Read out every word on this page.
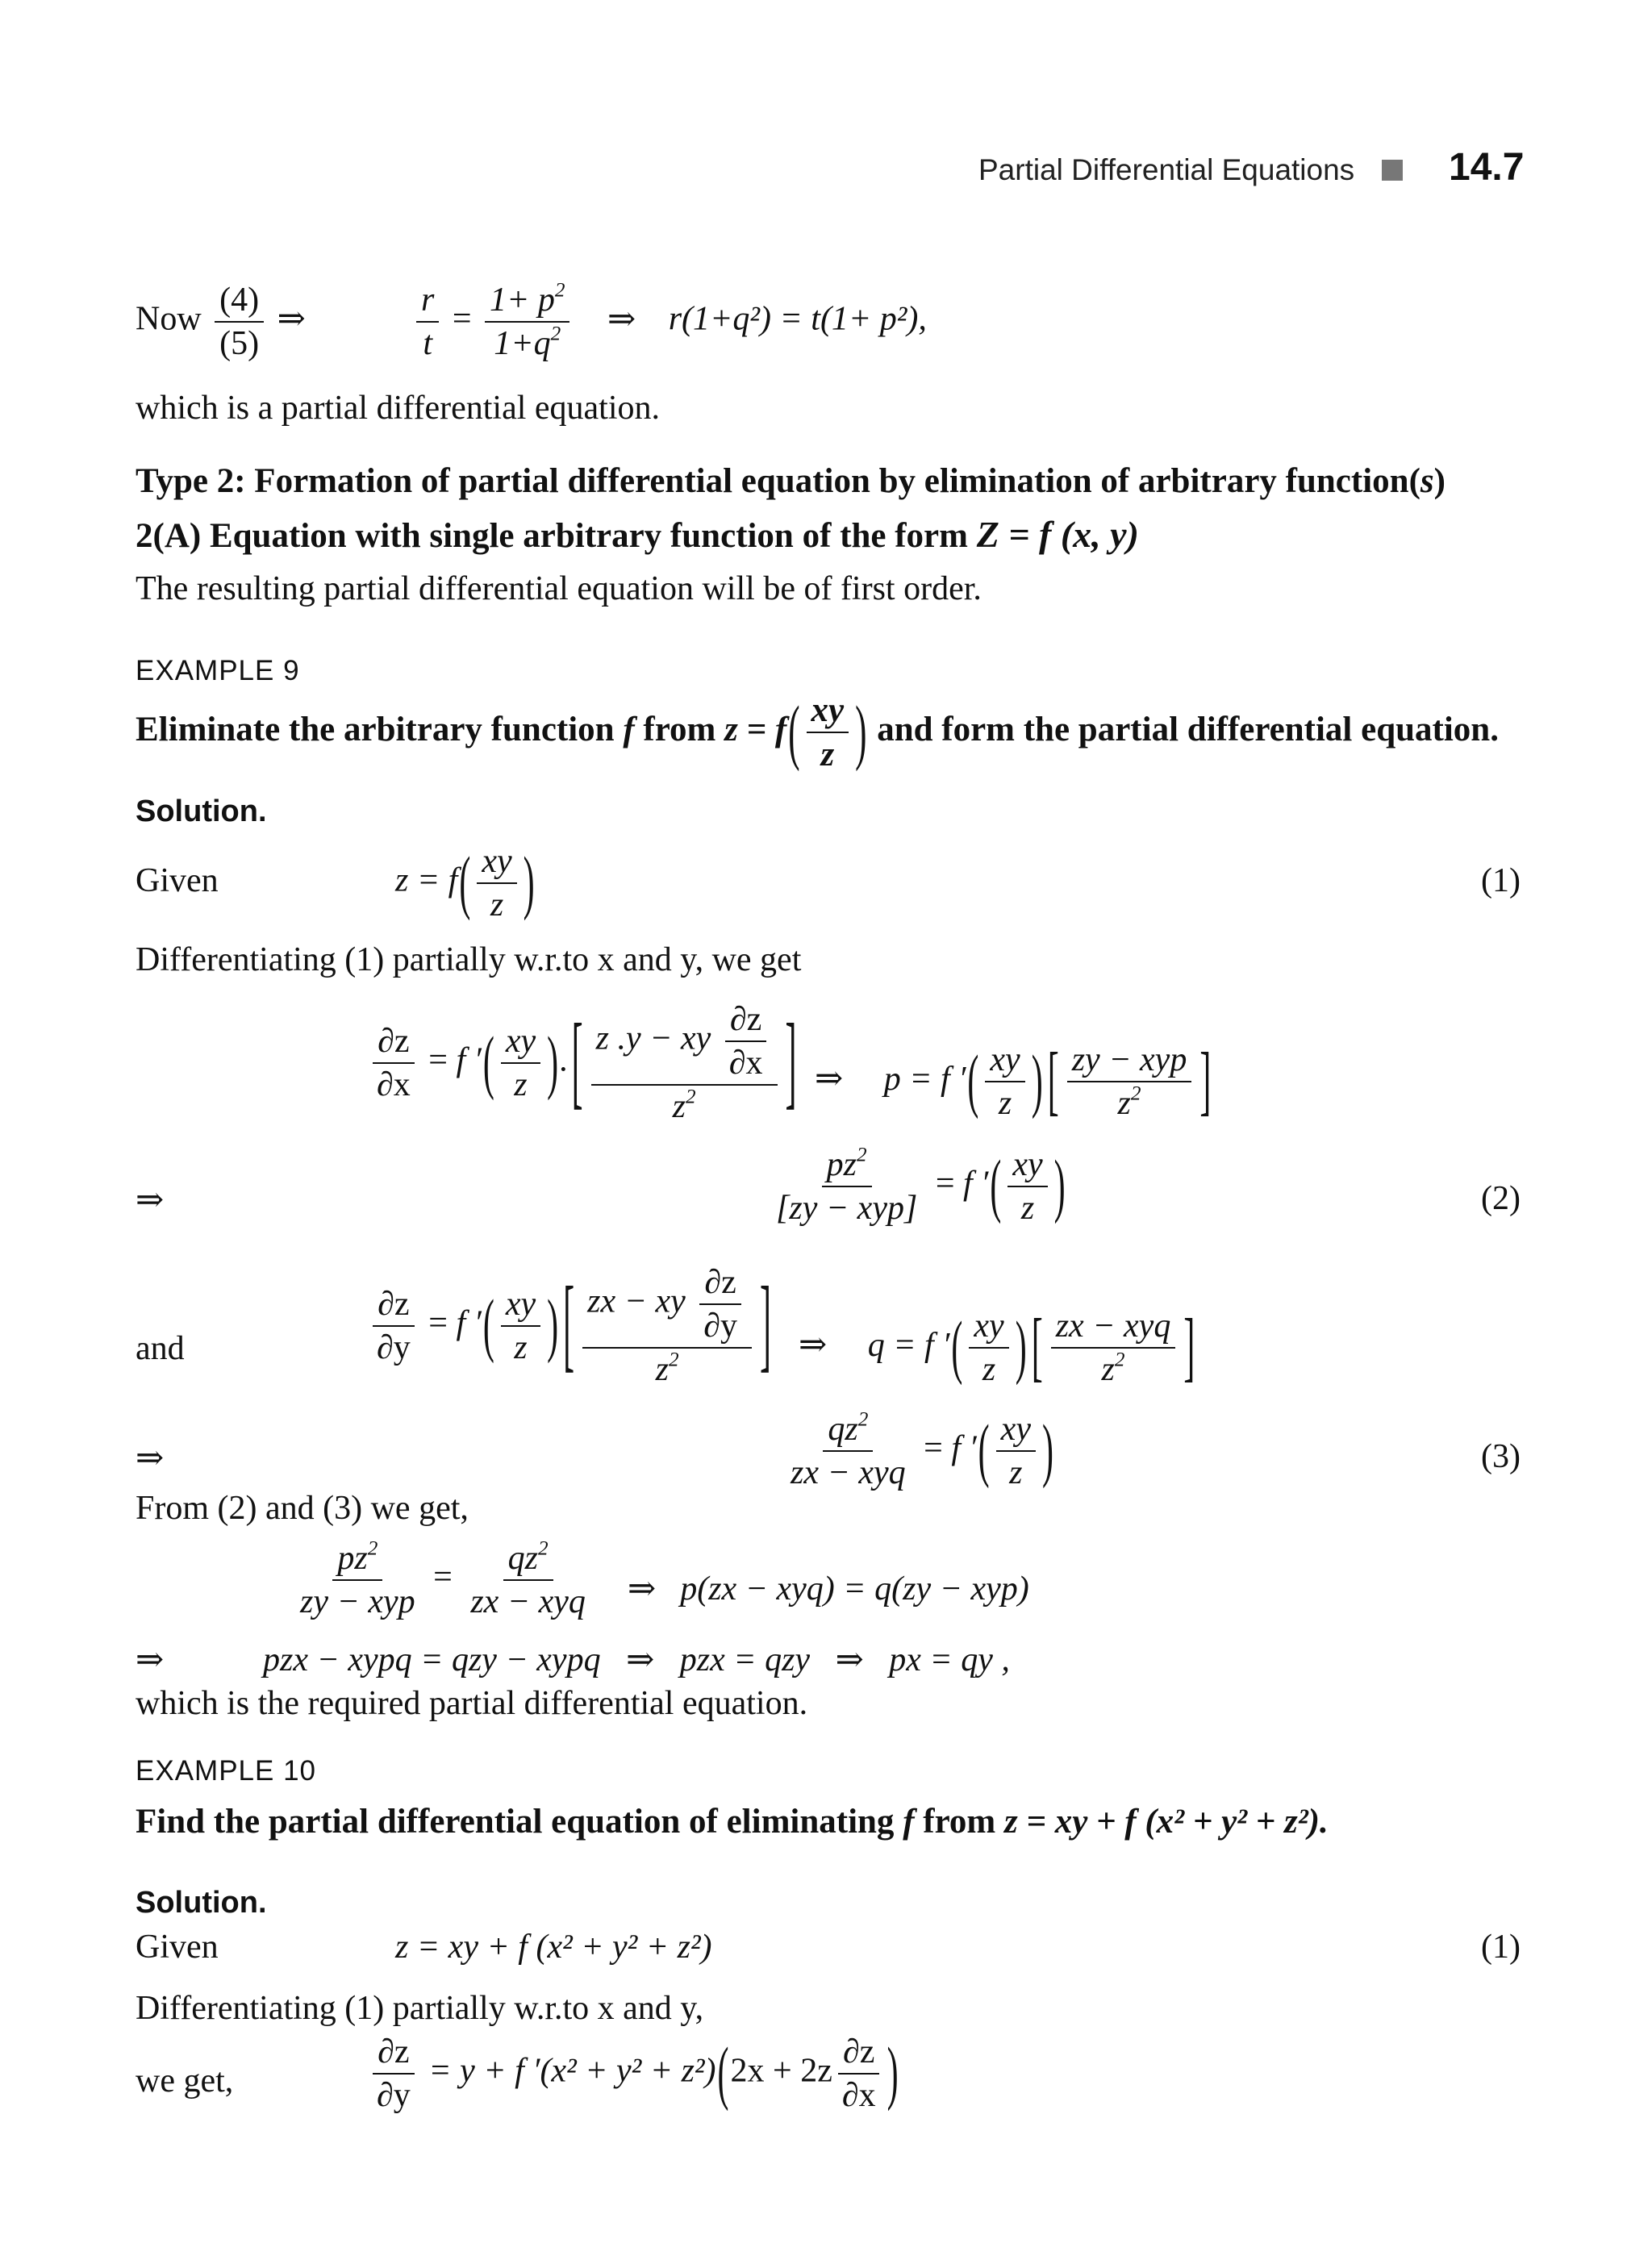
Partial Differential Equations 14.7
Now $\frac{(4)}{(5)}$ ⇒	$\frac{r}{t} = \frac{1+ p^2}{1+q^2}$ ⇒ r(1+q²) = t(1+ p²),
which is a partial differential equation.
Type 2: Formation of partial differential equation by elimination of arbitrary function(s)
2(A) Equation with single arbitrary function of the form Z = f (x, y)
The resulting partial differential equation will be of first order.
EXAMPLE 9
Eliminate the arbitrary function f from $z = f( \frac{xy}{z}$ ) and form the partial differential equation.
Solution.
Given	$z = f( \frac{xy}{z}$ )	(1)
Differentiating (1) partially w.r.to x and y, we get
$\frac{\partial z}{\partial x} = f$ ′( $\frac{xy}{z}$ ).[ $\frac{z .y - xy \frac{\partial z}{\partial x}}{z^2}$ ] ⇒ p = f ′( $\frac{xy}{z}$ ) [ $\frac{\text{zy − xyp}}{z^2}$ ]
⇒	$\frac{pz^2}{\text{[zy − xyp]}} = f$ ′( $\frac{xy}{z}$ )	(2)
and	$\frac{\partial z}{\partial y} = f$ ′( $\frac{xy}{z}$ ) [ $\frac{zx - xy \frac{\partial z}{\partial y}}{z^2}$ ] ⇒ q = f ′( $\frac{xy}{z}$ ) [ $\frac{\text{zx − xyq}}{z^2}$ ]
⇒	$\frac{qz^2}{\text{zx − xyq}} = f$ ′( $\frac{xy}{z}$ )	(3)
From (2) and (3) we get,
$\frac{pz^2}{\text{zy − xyp}} = \frac{qz^2}{\text{zx − xyq}}$ ⇒ p(zx − xyq) = q(zy − xyp)
⇒	pzx − xypq = qzy − xypq   ⇒   pzx = qzy   ⇒   px = qy ,
which is the required partial differential equation.
EXAMPLE 10
Find the partial differential equation of eliminating f from z = xy + f (x² + y² + z²).
Solution.
Given	z = xy + f (x² + y² + z²)	(1)
Differentiating (1) partially w.r.to x and y,
we get,	$\frac{\partial z}{\partial y} = y + f$ $'(x^2 + y^2 + z^2)(2x + 2z \frac{\partial z}{\partial x}$ )
